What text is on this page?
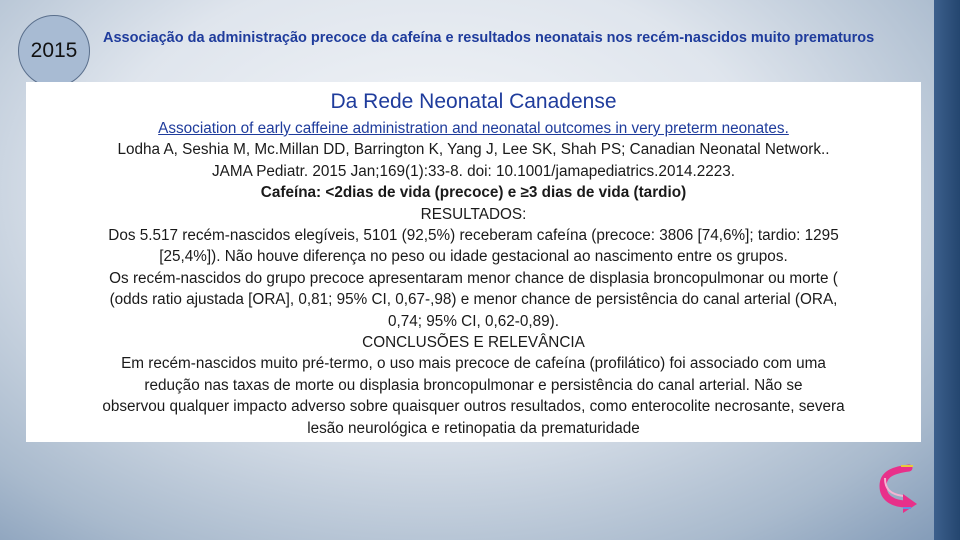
2015
Associação da administração precoce da cafeína e resultados neonatais nos recém-nascidos muito prematuros
Da Rede Neonatal Canadense
Association of early caffeine administration and neonatal outcomes in very preterm neonates.
Lodha A, Seshia M, Mc.Millan DD, Barrington K, Yang J, Lee SK, Shah PS; Canadian Neonatal Network..
JAMA Pediatr. 2015 Jan;169(1):33-8. doi: 10.1001/jamapediatrics.2014.2223.
Cafeína: <2dias de vida (precoce) e ≥3 dias de vida (tardio)
RESULTADOS:
Dos 5.517 recém-nascidos elegíveis, 5101 (92,5%) receberam cafeína (precoce: 3806 [74,6%]; tardio: 1295
[25,4%]). Não houve diferença no peso ou idade gestacional ao nascimento entre os grupos.
Os recém-nascidos do grupo precoce apresentaram menor chance de displasia broncopulmonar ou morte (
(odds ratio ajustada [ORA], 0,81; 95% CI, 0,67-,98) e menor chance de persistência do canal arterial (ORA,
0,74; 95% CI, 0,62-0,89).
CONCLUSÕES E RELEVÂNCIA
Em recém-nascidos muito pré-termo, o uso mais precoce de cafeína (profilático) foi associado com uma
redução nas taxas de morte ou displasia broncopulmonar e persistência do canal arterial. Não se
observou qualquer impacto adverso sobre quaisquer outros resultados, como enterocolite necrosante, severa
lesão neurológica e retinopatia da prematuridade
